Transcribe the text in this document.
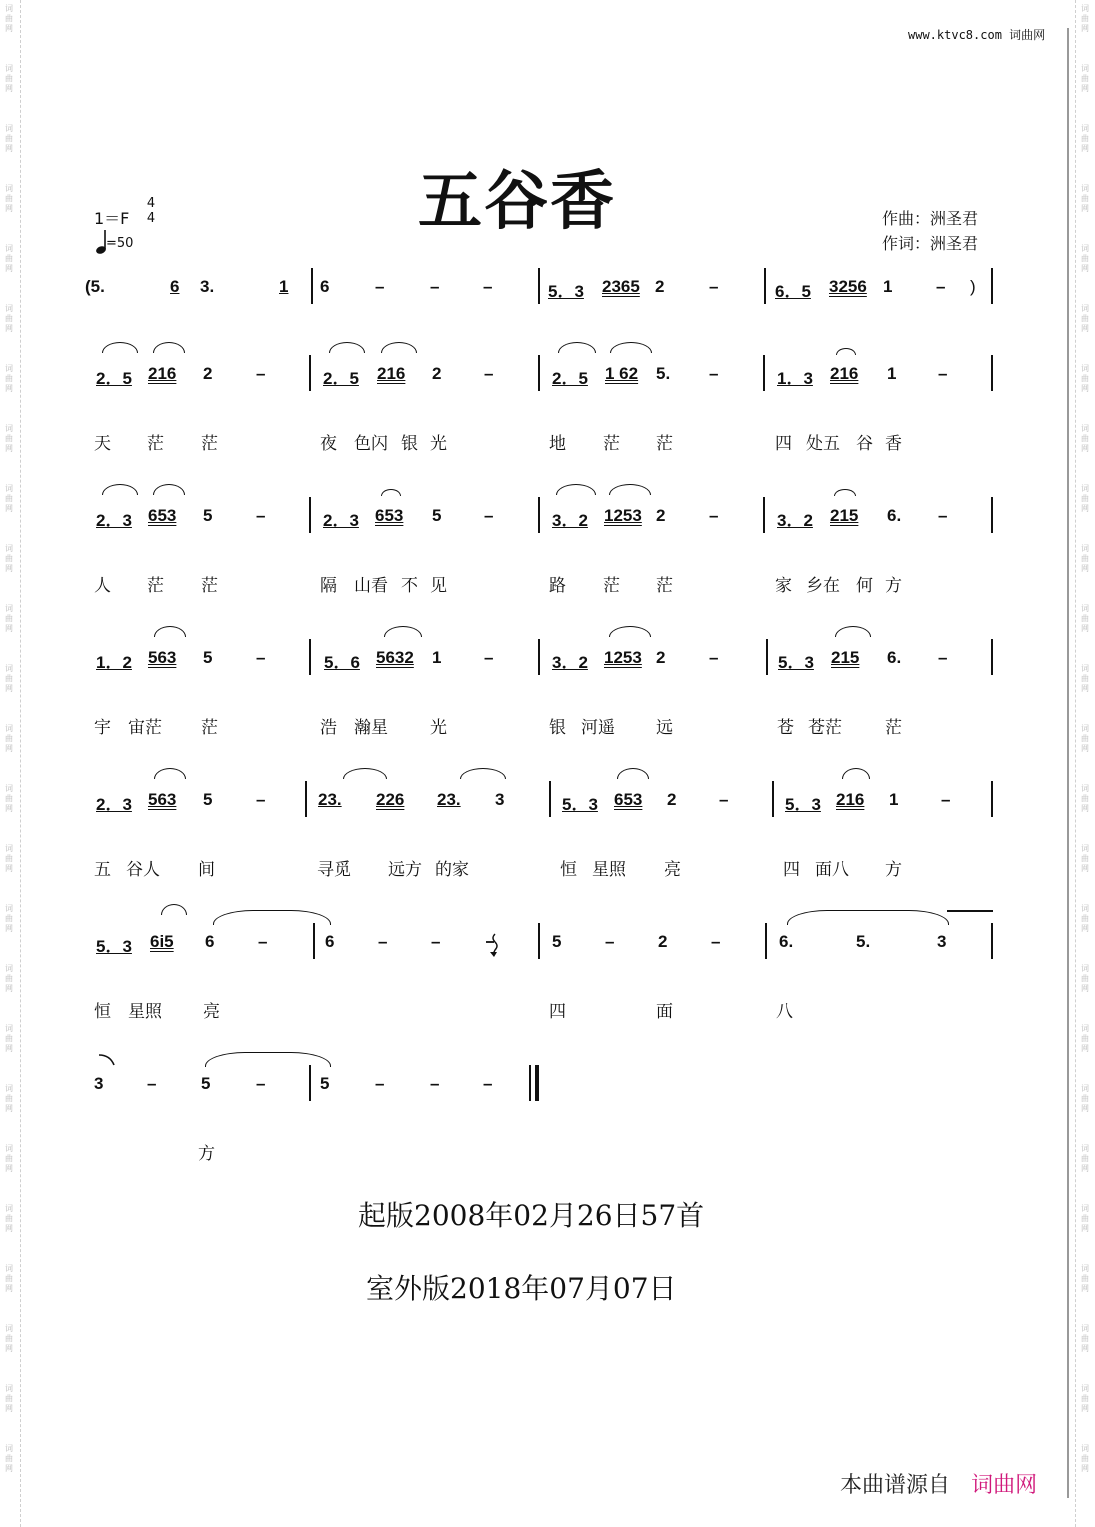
词
曲
网
词
曲
网
词
曲
网
词
曲
网
词
曲
网
词
曲
网
词
曲
网
词
曲
网
词
曲
网
词
曲
网
词
曲
网
词
曲
网
词
曲
网
词
曲
网
词
曲
网
词
曲
网
词
曲
网
词
曲
网
词
曲
网
词
曲
网
词
曲
网
词
曲
网
词
曲
网
词
曲
网
词
曲
网
词
曲
网
词
曲
网
词
曲
网
词
曲
网
词
曲
网
词
曲
网
词
曲
网
词
曲
网
词
曲
网
词
曲
网
词
曲
网
词
曲
网
词
曲
网
词
曲
网
词
曲
网
词
曲
网
词
曲
网
词
曲
网
词
曲
网
词
曲
网
词
曲
网
词
曲
网
词
曲
网
词
曲
网
词
曲
网
www.ktvc8.com 词曲网
五谷香
1＝F
4
4
=50
作曲：洲圣君
作词：洲圣君
(5.	6 3.	1 6	–	–	–	5．3 2365 2	–	6．5 3256 1	– )
2．5 216 2	–	2．5 216 2	–	2．5 1 62 5. –	1．3 216 1 –
天 茫 茫	夜 色闪 银 光	地 茫 茫	四 处五 谷 香
2．3 653 5	–	2．3 653 5	–	3．2 1253 2	–	3．2 215 6. –
人 茫 茫	隔 山看 不 见	路 茫 茫	家 乡在 何 方
1．2 563 5	–	5．6 5632 1	–	3．2 1253 2	–	5．3 215 6. –
宇 宙茫 茫	浩 瀚星 光	银 河遥 远	苍 苍茫	茫
2．3 563 5	–	23. 226 23. 3	5．3 653 2	–	5．3 216 1	–
五 谷人 间	寻觅 远方 的家	恒 星照 亮	四 面八 方
5．3 6i5 6	–	6	–	–	5	–	2	–	6.	5.	3
恒 星照 亮	四	面	八
3	–	5	–	5	–	–	–
方
起版2008年02月26日57首
室外版2018年07月07日
本曲谱源自 词曲网
